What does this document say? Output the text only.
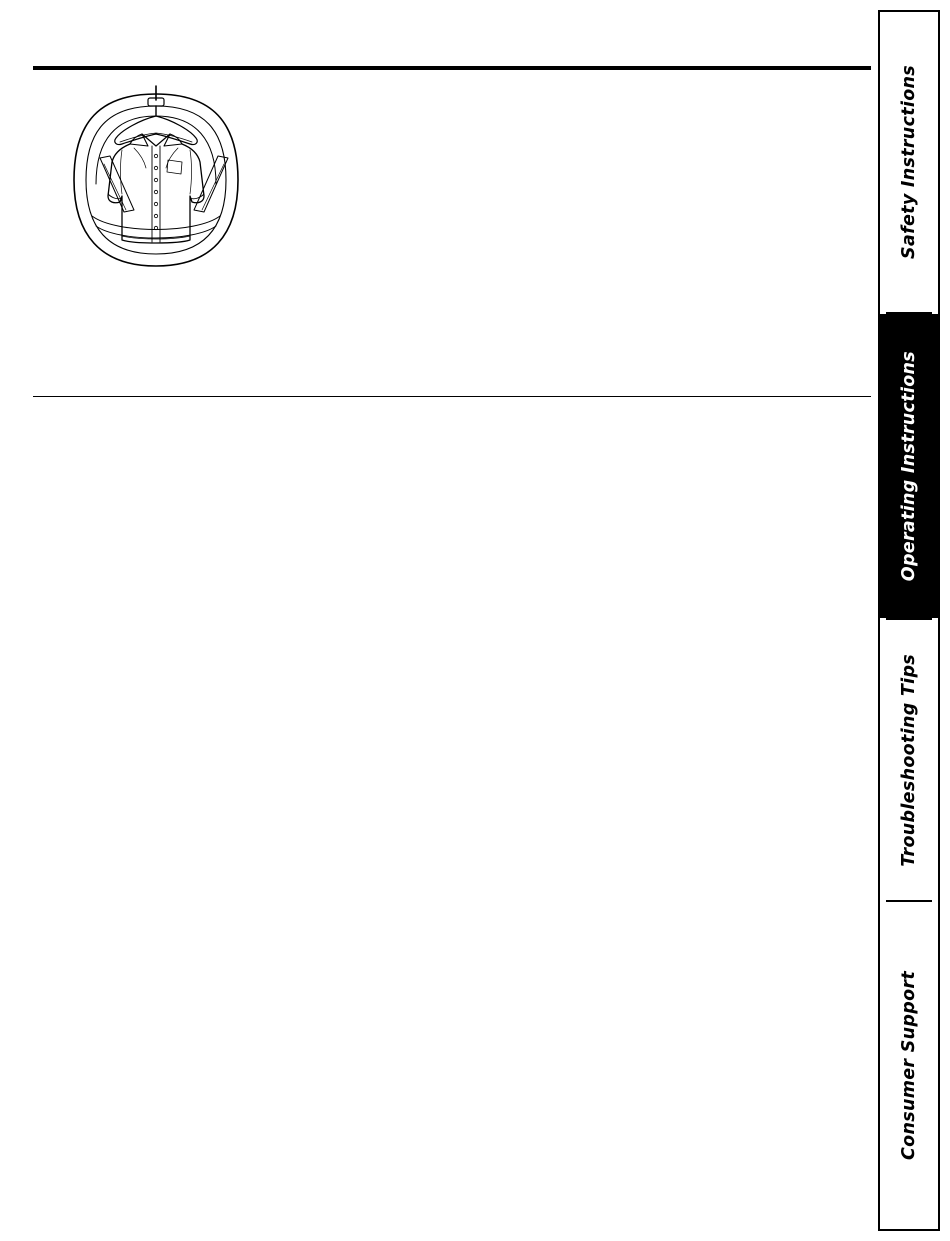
Safety Instructions
Operating Instructions
Troubleshooting Tips
Consumer Support
